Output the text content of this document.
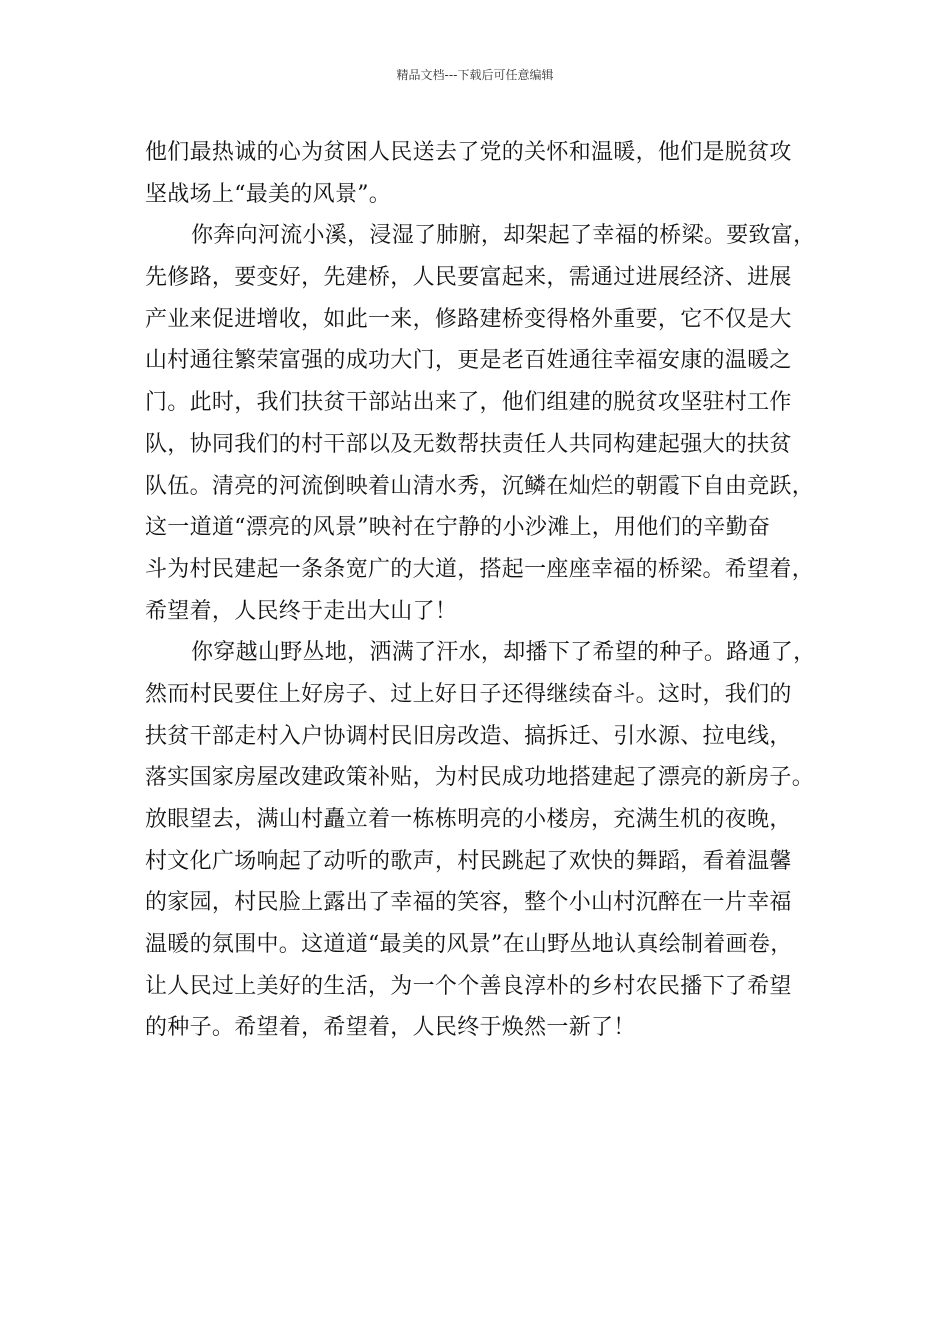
精品文档---下载后可任意编辑
他们最热诚的心为贫困人民送去了党的关怀和温暖，他们是脱贫攻
坚战场上“最美的风景”。
你奔向河流小溪，浸湿了肺腑，却架起了幸福的桥梁。要致富，
先修路，要变好，先建桥，人民要富起来，需通过进展经济、进展
产业来促进增收，如此一来，修路建桥变得格外重要，它不仅是大
山村通往繁荣富强的成功大门，更是老百姓通往幸福安康的温暖之
门。此时，我们扶贫干部站出来了，他们组建的脱贫攻坚驻村工作
队，协同我们的村干部以及无数帮扶责任人共同构建起强大的扶贫
队伍。清亮的河流倒映着山清水秀，沉鳞在灿烂的朝霞下自由竞跃，
这一道道“漂亮的风景”映衬在宁静的小沙滩上，用他们的辛勤奋
斗为村民建起一条条宽广的大道，搭起一座座幸福的桥梁。希望着，
希望着，人民终于走出大山了！
你穿越山野丛地，洒满了汗水，却播下了希望的种子。路通了，
然而村民要住上好房子、过上好日子还得继续奋斗。这时，我们的
扶贫干部走村入户协调村民旧房改造、搞拆迁、引水源、拉电线，
落实国家房屋改建政策补贴，为村民成功地搭建起了漂亮的新房子。
放眼望去，满山村矗立着一栋栋明亮的小楼房，充满生机的夜晚，
村文化广场响起了动听的歌声，村民跳起了欢快的舞蹈，看着温馨
的家园，村民脸上露出了幸福的笑容，整个小山村沉醉在一片幸福
温暖的氛围中。这道道“最美的风景”在山野丛地认真绘制着画卷，
让人民过上美好的生活，为一个个善良淳朴的乡村农民播下了希望
的种子。希望着，希望着，人民终于焕然一新了！
